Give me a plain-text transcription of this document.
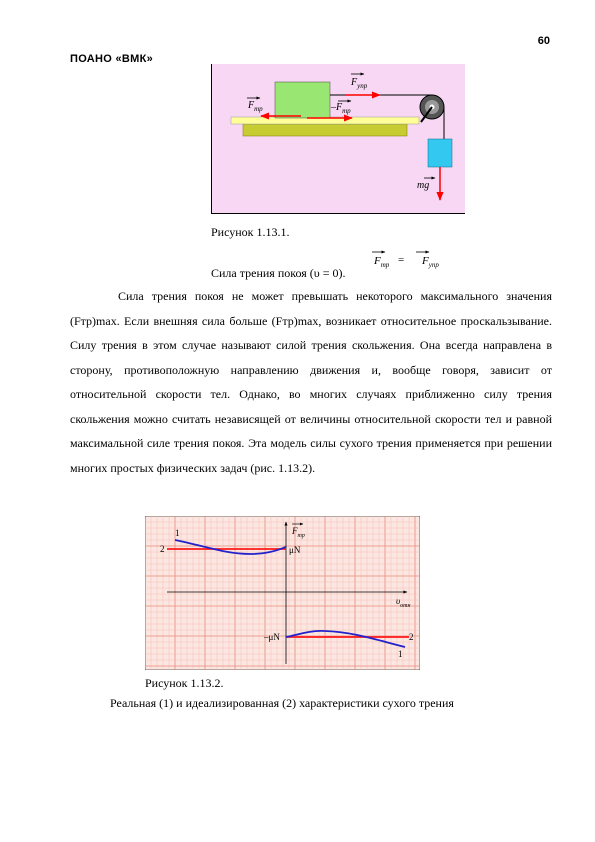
60
ПОАНО «ВМК»
$F_{тр}$
$F_{упр}$
$-F_{тр}$
mg
Рисунок 1.13.1.
$F_{тр} = F_{упр}$
Сила трения покоя (υ = 0).

Сила трения покоя не может превышать некоторого максимального значения (Fтр)max. Если внешняя сила больше (Fтр)max, возникает относительное проскальзывание. Силу трения в этом случае называют силой трения скольжения. Она всегда направлена в сторону, противоположную направлению движения и, вообще говоря, зависит от относительной скорости тел. Однако, во многих случаях приближенно силу трения скольжения можно считать независящей от величины относительной скорости тел и равной максимальной силе трения покоя. Эта модель силы сухого трения применяется при решении многих простых физических задач (рис. 1.13.2).

$F_{тр}$
$\upsilon_{отн}$
μN
–μN
1
2
2
1
Рисунок 1.13.2.
Реальная (1) и идеализированная (2) характеристики сухого трения
